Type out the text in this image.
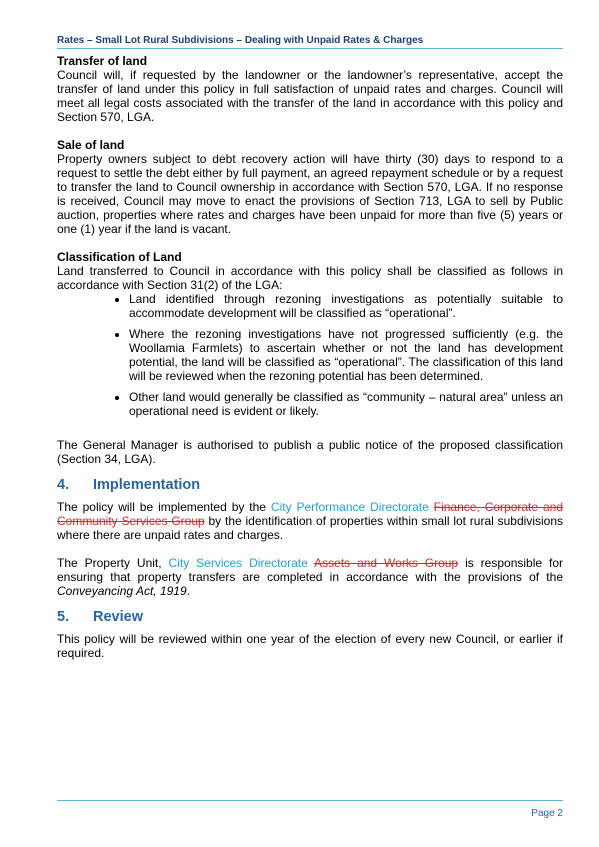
Rates – Small Lot Rural Subdivisions – Dealing with Unpaid Rates & Charges

Transfer of land

Council will, if requested by the landowner or the landowner’s representative, accept the transfer of land under this policy in full satisfaction of unpaid rates and charges. Council will meet all legal costs associated with the transfer of the land in accordance with this policy and Section 570, LGA.

Sale of land

Property owners subject to debt recovery action will have thirty (30) days to respond to a request to settle the debt either by full payment, an agreed repayment schedule or by a request to transfer the land to Council ownership in accordance with Section 570, LGA. If no response is received, Council may move to enact the provisions of Section 713, LGA to sell by Public auction, properties where rates and charges have been unpaid for more than five (5) years or one (1) year if the land is vacant.

Classification of Land

Land transferred to Council in accordance with this policy shall be classified as follows in accordance with Section 31(2) of the LGA:

• Land identified through rezoning investigations as potentially suitable to accommodate development will be classified as “operational”.
• Where the rezoning investigations have not progressed sufficiently (e.g. the Woollamia Farmlets) to ascertain whether or not the land has development potential, the land will be classified as “operational”. The classification of this land will be reviewed when the rezoning potential has been determined.
• Other land would generally be classified as “community – natural area” unless an operational need is evident or likely.

The General Manager is authorised to publish a public notice of the proposed classification (Section 34, LGA).

4.	Implementation

The policy will be implemented by the City Performance Directorate Finance, Corporate and Community Services Group by the identification of properties within small lot rural subdivisions where there are unpaid rates and charges.

The Property Unit, City Services Directorate Assets and Works Group is responsible for ensuring that property transfers are completed in accordance with the provisions of the Conveyancing Act, 1919.

5.	Review

This policy will be reviewed within one year of the election of every new Council, or earlier if required.

Page 2
